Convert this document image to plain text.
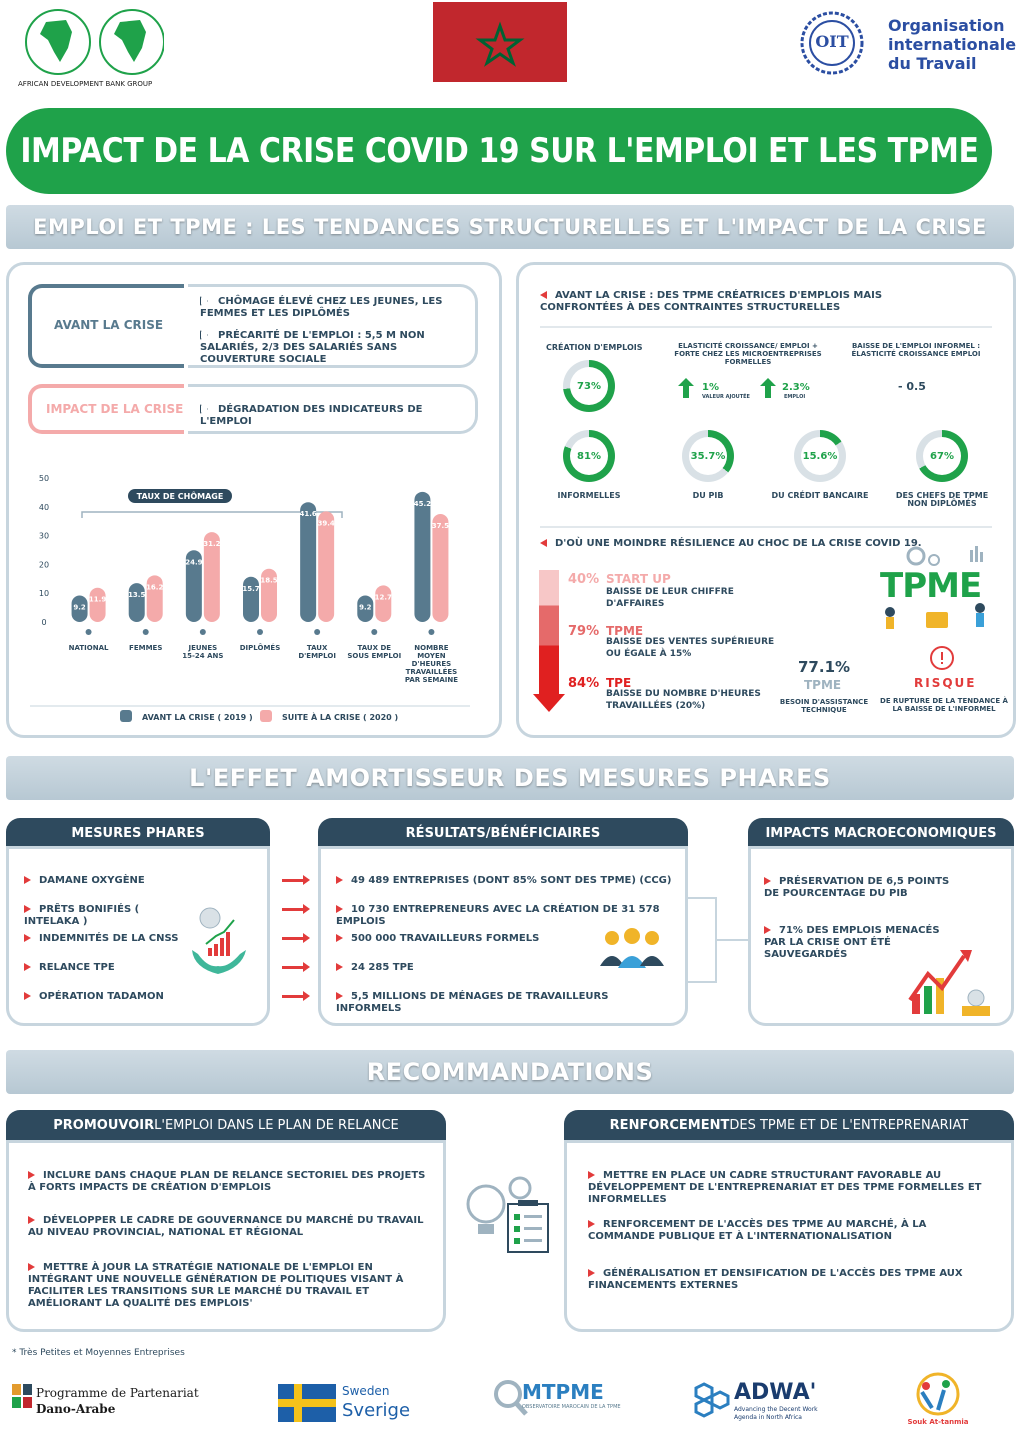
AFRICAN DEVELOPMENT BANK GROUP
OIT
Organisation
internationale
du Travail
IMPACT DE LA CRISE COVID 19 SUR L'EMPLOI ET LES TPME
EMPLOI ET TPME : LES TENDANCES STRUCTURELLES ET L'IMPACT DE LA CRISE
AVANT LA CRISE
CHÔMAGE ÉLEVÉ CHEZ LES JEUNES, LES FEMMES ET LES DIPLÔMÉS
PRÉCARITÉ DE L'EMPLOI : 5,5 M NON SALARIÉS, 2/3 DES SALARIÉS SANS COUVERTURE SOCIALE
IMPACT DE LA CRISE	DÉGRADATION DES INDICATEURS DE L'EMPLOI
50
40
30
20
10
0
TAUX DE CHÔMAGE
9.2
11.9
NATIONAL
13.5
16.2
FEMMES
24.9
31.2
JEUNES
15-24 ANS
15.7
18.5
DIPLÔMÉS
41.6
39.4
TAUX
D'EMPLOI
9.2
12.7
TAUX DE
SOUS EMPLOI
45.2
37.5
NOMBRE
MOYEN
D'HEURES
TRAVAILLÉES
PAR SEMAINE
AVANT LA CRISE ( 2019 )	SUITE À LA CRISE ( 2020 )
AVANT LA CRISE : DES TPME CRÉATRICES D'EMPLOIS MAIS CONFRONTÉES À DES CONTRAINTES STRUCTURELLES
CRÉATION D'EMPLOIS
73%
ELASTICITÉ CROISSANCE/ EMPLOI + FORTE CHEZ LES MICROENTREPRISES FORMELLES
1%
VALEUR AJOUTÉE
2.3%
EMPLOI
BAISSE DE L'EMPLOI INFORMEL : ÉLASTICITÉ CROISSANCE EMPLOI
- 0.5
81%
INFORMELLES
35.7%
DU PIB
15.6%
DU CRÉDIT BANCAIRE
67%
DES CHEFS DE TPME NON DIPLÔMÉS
D'OÙ UNE MOINDRE RÉSILIENCE AU CHOC DE LA CRISE COVID 19.
40% START UP
BAISSE DE LEUR CHIFFRE D'AFFAIRES
79% TPME
BAISSE DES VENTES SUPÉRIEURE OU ÉGALE À 15%
84% TPE
BAISSE DU NOMBRE D'HEURES TRAVAILLÉES (20%)
TPME
77.1%
TPME
BESOIN D'ASSISTANCE TECHNIQUE
RISQUE
DE RUPTURE DE LA TENDANCE À LA BAISSE DE L'INFORMEL
L'EFFET AMORTISSEUR DES MESURES PHARES
MESURES PHARES
DAMANE OXYGÈNE
PRÊTS BONIFIÉS ( INTELAKA )
INDEMNITÉS DE LA CNSS
RELANCE TPE
OPÉRATION TADAMON
RÉSULTATS/BÉNÉFICIAIRES
49 489 ENTREPRISES (DONT 85% SONT DES TPME) (CCG)
10 730 ENTREPRENEURS AVEC LA CRÉATION DE 31 578 EMPLOIS
500 000 TRAVAILLEURS FORMELS
24 285 TPE
5,5 MILLIONS DE MÉNAGES DE TRAVAILLEURS INFORMELS
IMPACTS MACROECONOMIQUES
PRÉSERVATION DE 6,5 POINTS DE POURCENTAGE DU PIB
71% DES EMPLOIS MENACÉS PAR LA CRISE ONT ÉTÉ SAUVEGARDÉS
RECOMMANDATIONS
PROMOUVOIR L'EMPLOI DANS LE PLAN DE RELANCE
INCLURE DANS CHAQUE PLAN DE RELANCE SECTORIEL DES PROJETS À FORTS IMPACTS DE CRÉATION D'EMPLOIS
DÉVELOPPER LE CADRE DE GOUVERNANCE DU MARCHÉ DU TRAVAIL AU NIVEAU PROVINCIAL, NATIONAL ET RÉGIONAL
METTRE À JOUR LA STRATÉGIE NATIONALE DE L'EMPLOI EN INTÉGRANT UNE NOUVELLE GÉNÉRATION DE POLITIQUES VISANT À FACILITER LES TRANSITIONS SUR LE MARCHÉ DU TRAVAIL ET AMÉLIORANT LA QUALITÉ DES EMPLOIS'
RENFORCEMENT DES TPME ET DE L'ENTREPRENARIAT
METTRE EN PLACE UN CADRE STRUCTURANT FAVORABLE AU DÉVELOPPEMENT DE L'ENTREPRENARIAT ET DES TPME FORMELLES ET INFORMELLES
RENFORCEMENT DE L'ACCÈS DES TPME AU MARCHÉ, À LA COMMANDE PUBLIQUE ET À L'INTERNATIONALISATION
GÉNÉRALISATION ET DENSIFICATION DE L'ACCÈS DES TPME AUX FINANCEMENTS EXTERNES
* Très Petites et Moyennes Entreprises
Programme de Partenariat
Dano-Arabe
Sweden
Sverige
MTPME
OBSERVATOIRE MAROCAIN DE LA TPME
ADWA'
Advancing the Decent Work
Agenda in North Africa
Souk At-tanmia
